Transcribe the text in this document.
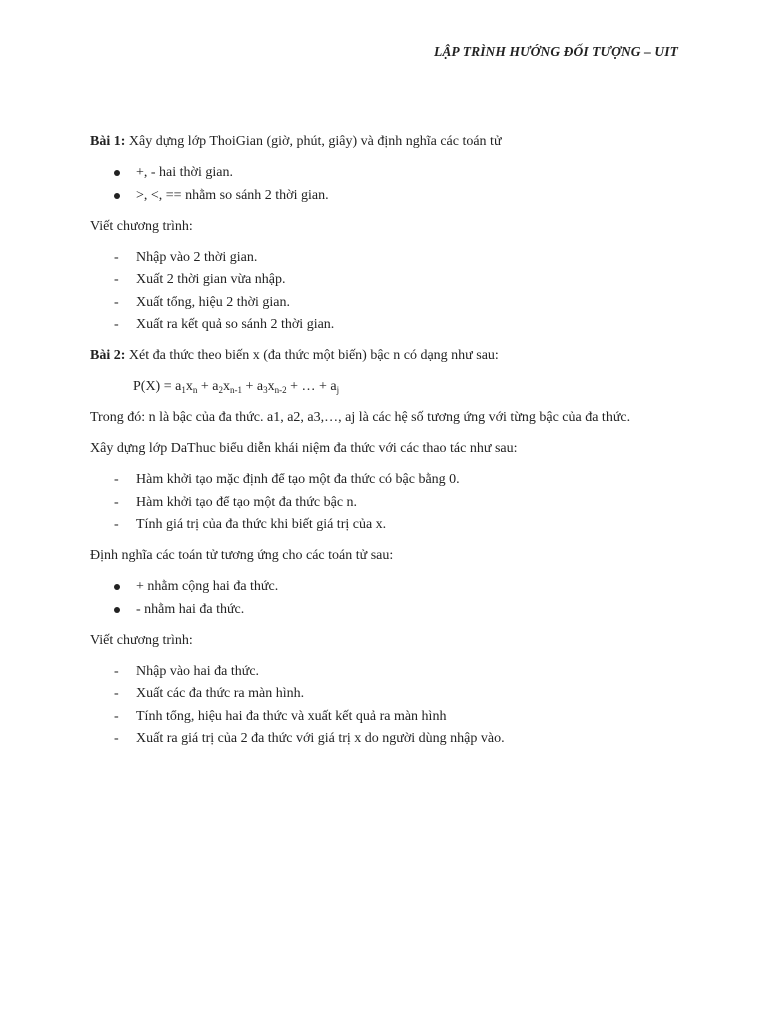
LẬP TRÌNH HƯỚNG ĐỐI TƯỢNG – UIT

Bài 1: Xây dựng lớp ThoiGian (giờ, phút, giây) và định nghĩa các toán tử

+, - hai thời gian.
>, <, == nhằm so sánh 2 thời gian.

Viết chương trình:

- Nhập vào 2 thời gian.
- Xuất 2 thời gian vừa nhập.
- Xuất tổng, hiệu 2 thời gian.
- Xuất ra kết quả so sánh 2 thời gian.

Bài 2: Xét đa thức theo biến x (đa thức một biến) bậc n có dạng như sau:

$P(X) = a_1x_n + a_2x_{n-1} + a_3x_{n-2}$ + … + $a_j$

Trong đó: n là bậc của đa thức. a1, a2, a3,…, aj là các hệ số tương ứng với từng bậc của đa thức.

Xây dựng lớp DaThuc biểu diễn khái niệm đa thức với các thao tác như sau:

- Hàm khởi tạo mặc định để tạo một đa thức có bậc bằng 0.
- Hàm khởi tạo để tạo một đa thức bậc n.
- Tính giá trị của đa thức khi biết giá trị của x.

Định nghĩa các toán tử tương ứng cho các toán tử sau:

+ nhằm cộng hai đa thức.
- nhằm hai đa thức.

Viết chương trình:

- Nhập vào hai đa thức.
- Xuất các đa thức ra màn hình.
- Tính tổng, hiệu hai đa thức và xuất kết quả ra màn hình
- Xuất ra giá trị của 2 đa thức với giá trị x do người dùng nhập vào.
